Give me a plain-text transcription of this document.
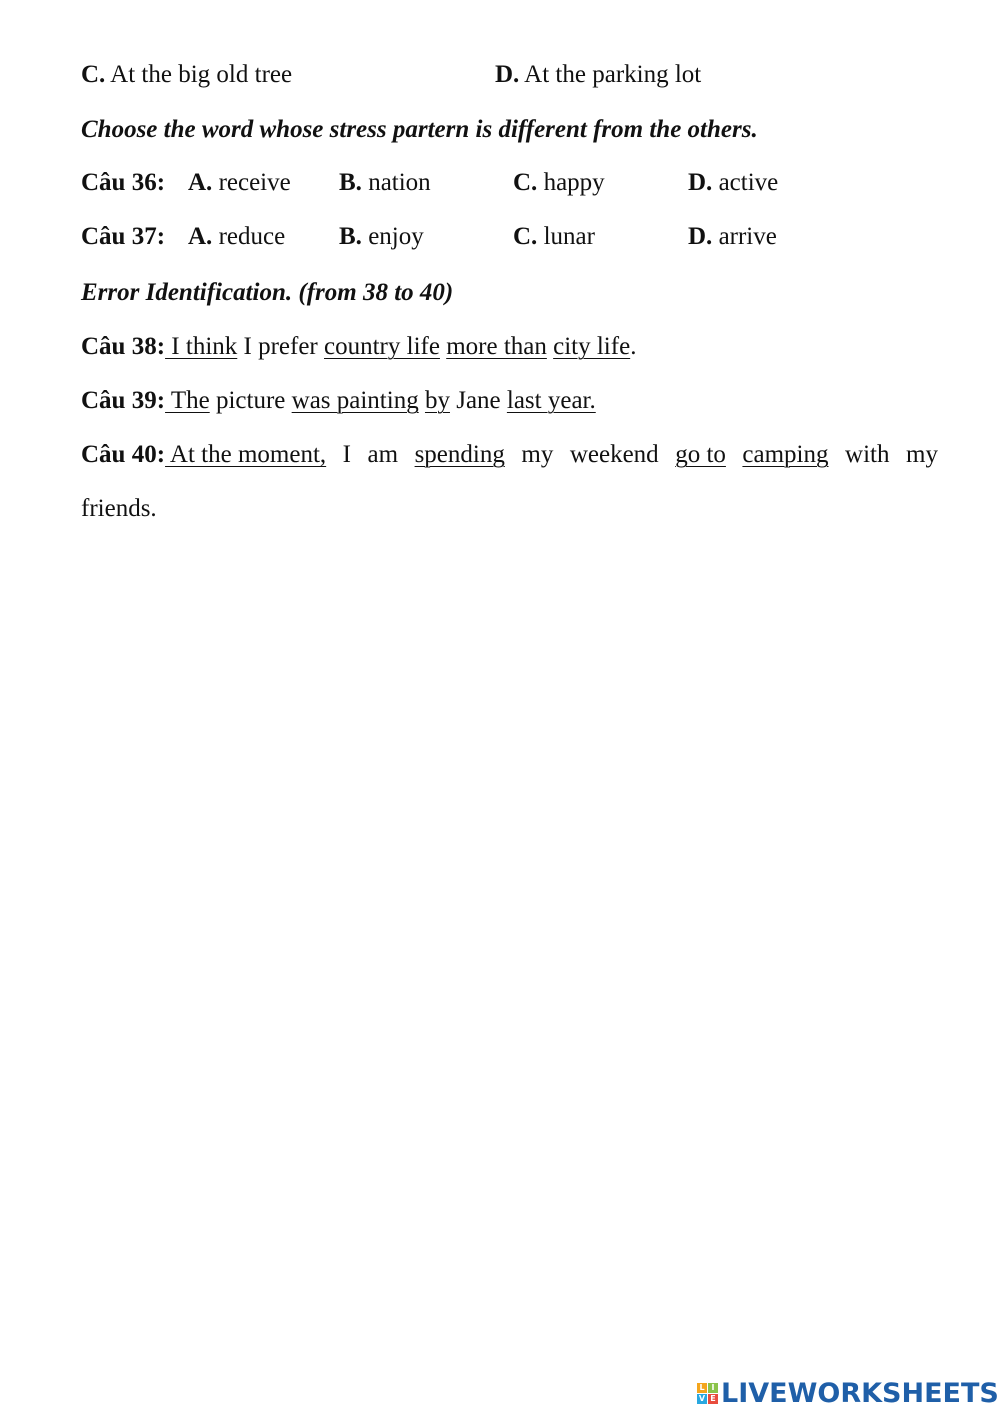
C. At the big old tree	D. At the parking lot
Choose the word whose stress partern is different from the others.
Câu 36: A. receive B. nation	C. happy	D. active
Câu 37: A. reduce B. enjoy	C. lunar	D. arrive
Error Identification. (from 38 to 40)
Câu 38: I think I prefer country life more than city life.
Câu 39: The picture was painting by Jane last year.
Câu 40: At the moment, I am spending my weekend go to camping with my
friends.
L I
V E LIVEWORKSHEETS
